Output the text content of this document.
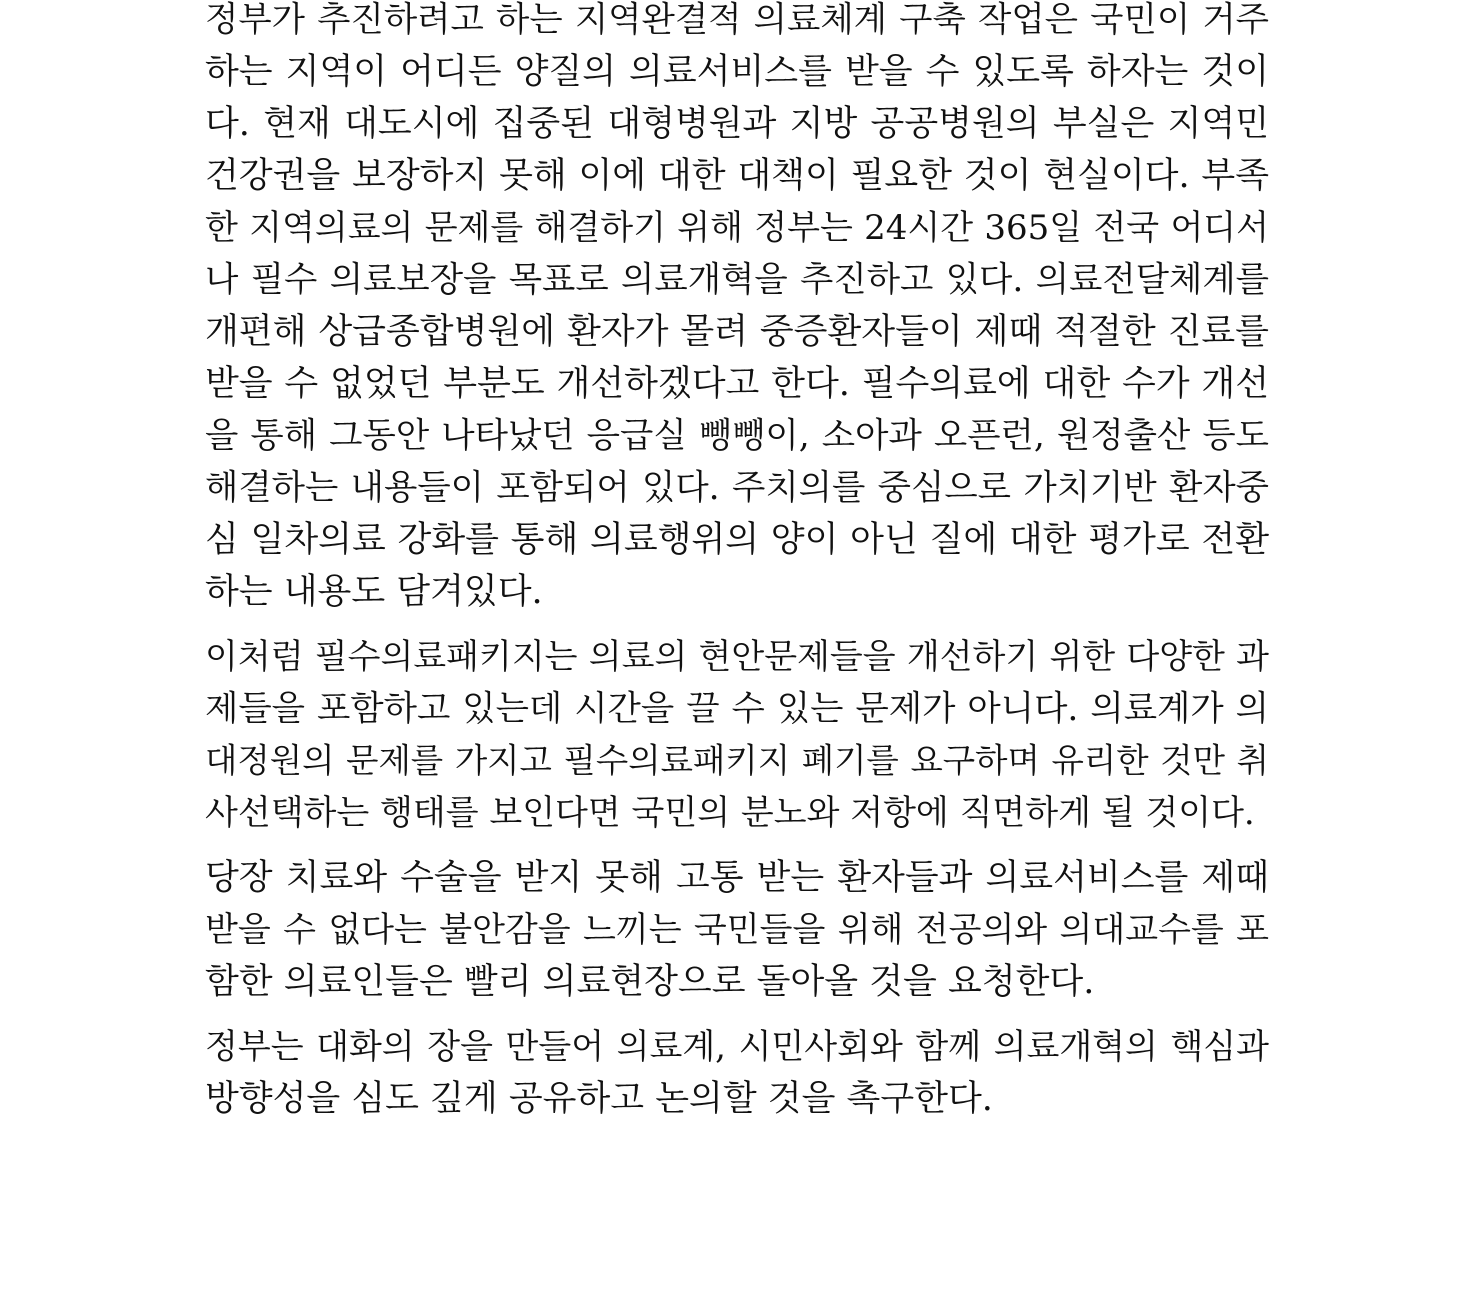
정부가 추진하려고 하는 지역완결적 의료체계 구축 작업은 국민이 거주
하는 지역이 어디든 양질의 의료서비스를 받을 수 있도록 하자는 것이
다. 현재 대도시에 집중된 대형병원과 지방 공공병원의 부실은 지역민
건강권을 보장하지 못해 이에 대한 대책이 필요한 것이 현실이다. 부족
한 지역의료의 문제를 해결하기 위해 정부는 24시간 365일 전국 어디서
나 필수 의료보장을 목표로 의료개혁을 추진하고 있다. 의료전달체계를
개편해 상급종합병원에 환자가 몰려 중증환자들이 제때 적절한 진료를
받을 수 없었던 부분도 개선하겠다고 한다. 필수의료에 대한 수가 개선
을 통해 그동안 나타났던 응급실 뺑뺑이, 소아과 오픈런, 원정출산 등도
해결하는 내용들이 포함되어 있다. 주치의를 중심으로 가치기반 환자중
심 일차의료 강화를 통해 의료행위의 양이 아닌 질에 대한 평가로 전환
하는 내용도 담겨있다.
이처럼 필수의료패키지는 의료의 현안문제들을 개선하기 위한 다양한 과
제들을 포함하고 있는데 시간을 끌 수 있는 문제가 아니다. 의료계가 의
대정원의 문제를 가지고 필수의료패키지 폐기를 요구하며 유리한 것만 취
사선택하는 행태를 보인다면 국민의 분노와 저항에 직면하게 될 것이다.
당장 치료와 수술을 받지 못해 고통 받는 환자들과 의료서비스를 제때
받을 수 없다는 불안감을 느끼는 국민들을 위해 전공의와 의대교수를 포
함한 의료인들은 빨리 의료현장으로 돌아올 것을 요청한다.
정부는 대화의 장을 만들어 의료계, 시민사회와 함께 의료개혁의 핵심과
방향성을 심도 깊게 공유하고 논의할 것을 촉구한다.
